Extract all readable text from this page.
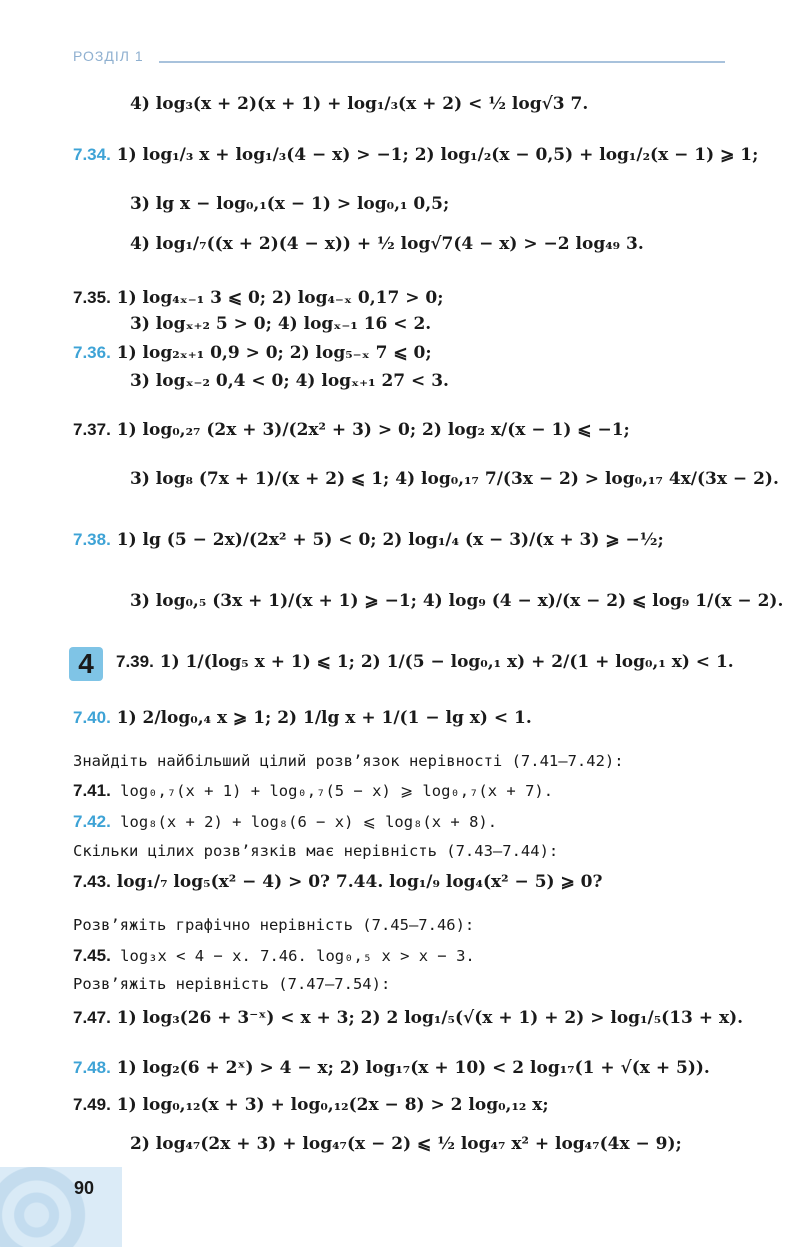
РОЗДІЛ 1
4) log₃(x + 2)(x + 1) + log₁/₃(x + 2) < ½ log√3 7.
7.34. 1) log₁/₃ x + log₁/₃(4 − x) > −1; 2) log₁/₂(x − 0,5) + log₁/₂(x − 1) ⩾ 1;
3) lg x − log₀,₁(x − 1) > log₀,₁ 0,5;
4) log₁/₇((x + 2)(4 − x)) + ½ log√7(4 − x) > −2 log₄₉ 3.
7.35. 1) log₄ₓ₋₁ 3 ⩽ 0; 2) log₄₋ₓ 0,17 > 0;
3) logₓ₊₂ 5 > 0; 4) logₓ₋₁ 16 < 2.
7.36. 1) log₂ₓ₊₁ 0,9 > 0; 2) log₅₋ₓ 7 ⩽ 0;
3) logₓ₋₂ 0,4 < 0; 4) logₓ₊₁ 27 < 3.
7.37. 1) log₀,₂₇ (2x + 3)/(2x² + 3) > 0; 2) log₂ x/(x − 1) ⩽ −1;
3) log₈ (7x + 1)/(x + 2) ⩽ 1; 4) log₀,₁₇ 7/(3x − 2) > log₀,₁₇ 4x/(3x − 2).
7.38. 1) lg (5 − 2x)/(2x² + 5) < 0; 2) log₁/₄ (x − 3)/(x + 3) ⩾ −½;
3) log₀,₅ (3x + 1)/(x + 1) ⩾ −1; 4) log₉ (4 − x)/(x − 2) ⩽ log₉ 1/(x − 2).
4	7.39. 1) 1/(log₅ x + 1) ⩽ 1; 2) 1/(5 − log₀,₁ x) + 2/(1 + log₀,₁ x) < 1.
7.40. 1) 2/log₀,₄ x ⩾ 1; 2) 1/lg x + 1/(1 − lg x) < 1.
Знайдіть найбільший цілий розв’язок нерівності (7.41–7.42):
7.41. log₀,₇(x + 1) + log₀,₇(5 − x) ⩾ log₀,₇(x + 7).
7.42. log₈(x + 2) + log₈(6 − x) ⩽ log₈(x + 8).
Скільки цілих розв’язків має нерівність (7.43–7.44):
7.43. log₁/₇ log₅(x² − 4) > 0? 7.44. log₁/₉ log₄(x² − 5) ⩾ 0?
Розв’яжіть графічно нерівність (7.45–7.46):
7.45. log₃x < 4 − x. 7.46. log₀,₅ x > x − 3.
Розв’яжіть нерівність (7.47–7.54):
7.47. 1) log₃(26 + 3⁻ˣ) < x + 3; 2) 2 log₁/₅(√(x + 1) + 2) > log₁/₅(13 + x).
7.48. 1) log₂(6 + 2ˣ) > 4 − x; 2) log₁₇(x + 10) < 2 log₁₇(1 + √(x + 5)).
7.49. 1) log₀,₁₂(x + 3) + log₀,₁₂(2x − 8) > 2 log₀,₁₂ x;
2) log₄₇(2x + 3) + log₄₇(x − 2) ⩽ ½ log₄₇ x² + log₄₇(4x − 9);
90
